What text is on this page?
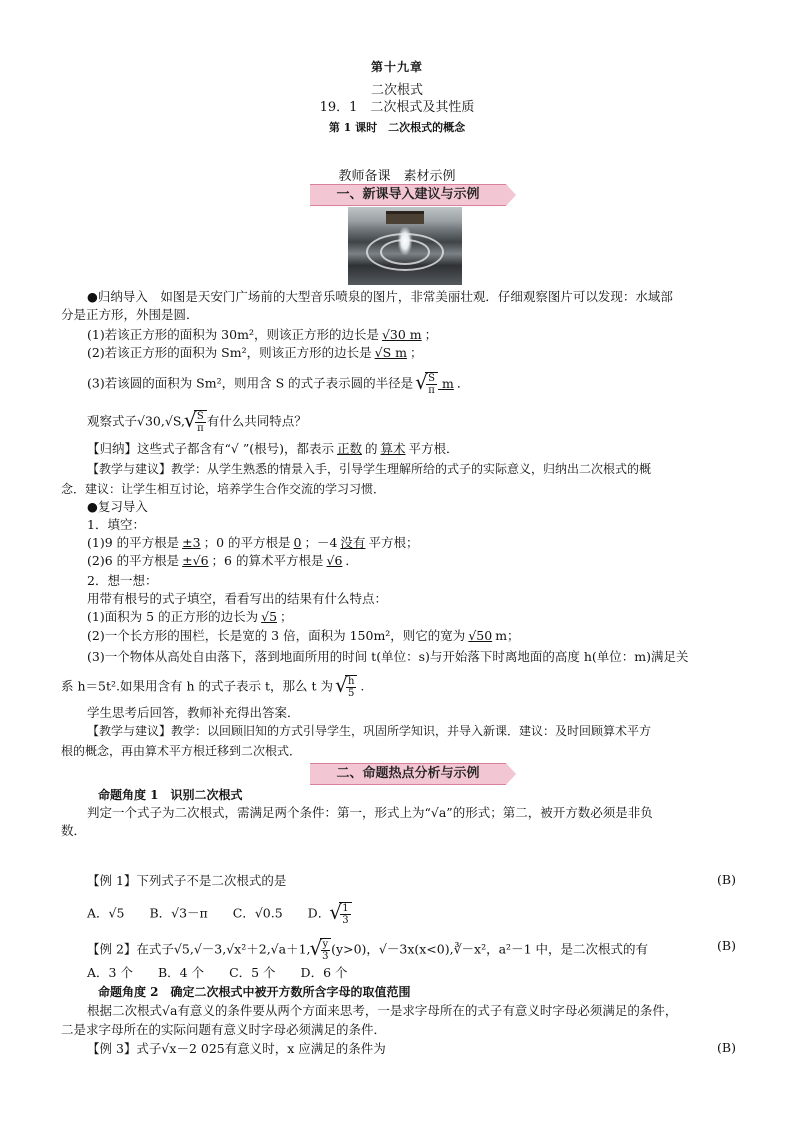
第十九章
二次根式
19．1　二次根式及其性质
第 1 课时　二次根式的概念
教师备课　素材示例
一、新课导入建议与示例
●归纳导入　如图是天安门广场前的大型音乐喷泉的图片，非常美丽壮观．仔细观察图片可以发现：水域部
分是正方形，外围是圆．
(1)若该正方形的面积为 30m²，则该正方形的边长是 √30 m ；
(2)若该正方形的面积为 Sm²，则该正方形的边长是 √S m ；
(3)若该圆的面积为 Sm²，则用含 S 的式子表示圆的半径是 √ $\frac{S}{\pi}$ m ．
观察式子√30,√S, √ $\frac{S}{\pi}$ 有什么共同特点？
【归纳】这些式子都含有“√ ”(根号)，都表示 正数 的 算术 平方根．
【教学与建议】教学：从学生熟悉的情景入手，引导学生理解所给的式子的实际意义，归纳出二次根式的概
念．建议：让学生相互讨论，培养学生合作交流的学习习惯．
●复习导入
1．填空：
(1)9 的平方根是 ±3 ；0 的平方根是 0 ；－4 没有 平方根；
(2)6 的平方根是 ±√6 ；6 的算术平方根是 √6 ．
2．想一想：
用带有根号的式子填空，看看写出的结果有什么特点：
(1)面积为 5 的正方形的边长为 √5 ；
(2)一个长方形的围栏，长是宽的 3 倍，面积为 150m²，则它的宽为 √50 m；
(3)一个物体从高处自由落下，落到地面所用的时间 t(单位：s)与开始落下时离地面的高度 h(单位：m)满足关
系 h＝5t².如果用含有 h 的式子表示 t，那么 t 为 √ $\frac{h}{5}$ .
学生思考后回答，教师补充得出答案．
【教学与建议】教学：以回顾旧知的方式引导学生，巩固所学知识，并导入新课．建议：及时回顾算术平方
根的概念，再由算术平方根迁移到二次根式．
二、命题热点分析与示例
命题角度 1　识别二次根式
判定一个式子为二次根式，需满足两个条件：第一，形式上为“√a”的形式；第二，被开方数必须是非负
数．
【例 1】下列式子不是二次根式的是	(B)
A．√5　　B．√3－π　　C．√0.5　　D． √ $\frac{1}{3}$
【例 2】在式子√5,√－3,√x²＋2,√a＋1, √ $\frac{y}{3} (y>0)$，√－3x(x<0),∛－x²，a²－1 中，是二次根式的有	(B)
A．3 个　　B．4 个　　C．5 个　　D．6 个
命题角度 2　确定二次根式中被开方数所含字母的取值范围
根据二次根式√a有意义的条件要从两个方面来思考，一是求字母所在的式子有意义时字母必须满足的条件，
二是求字母所在的实际问题有意义时字母必须满足的条件．
【例 3】式子√x－2 025有意义时，x 应满足的条件为	(B)
